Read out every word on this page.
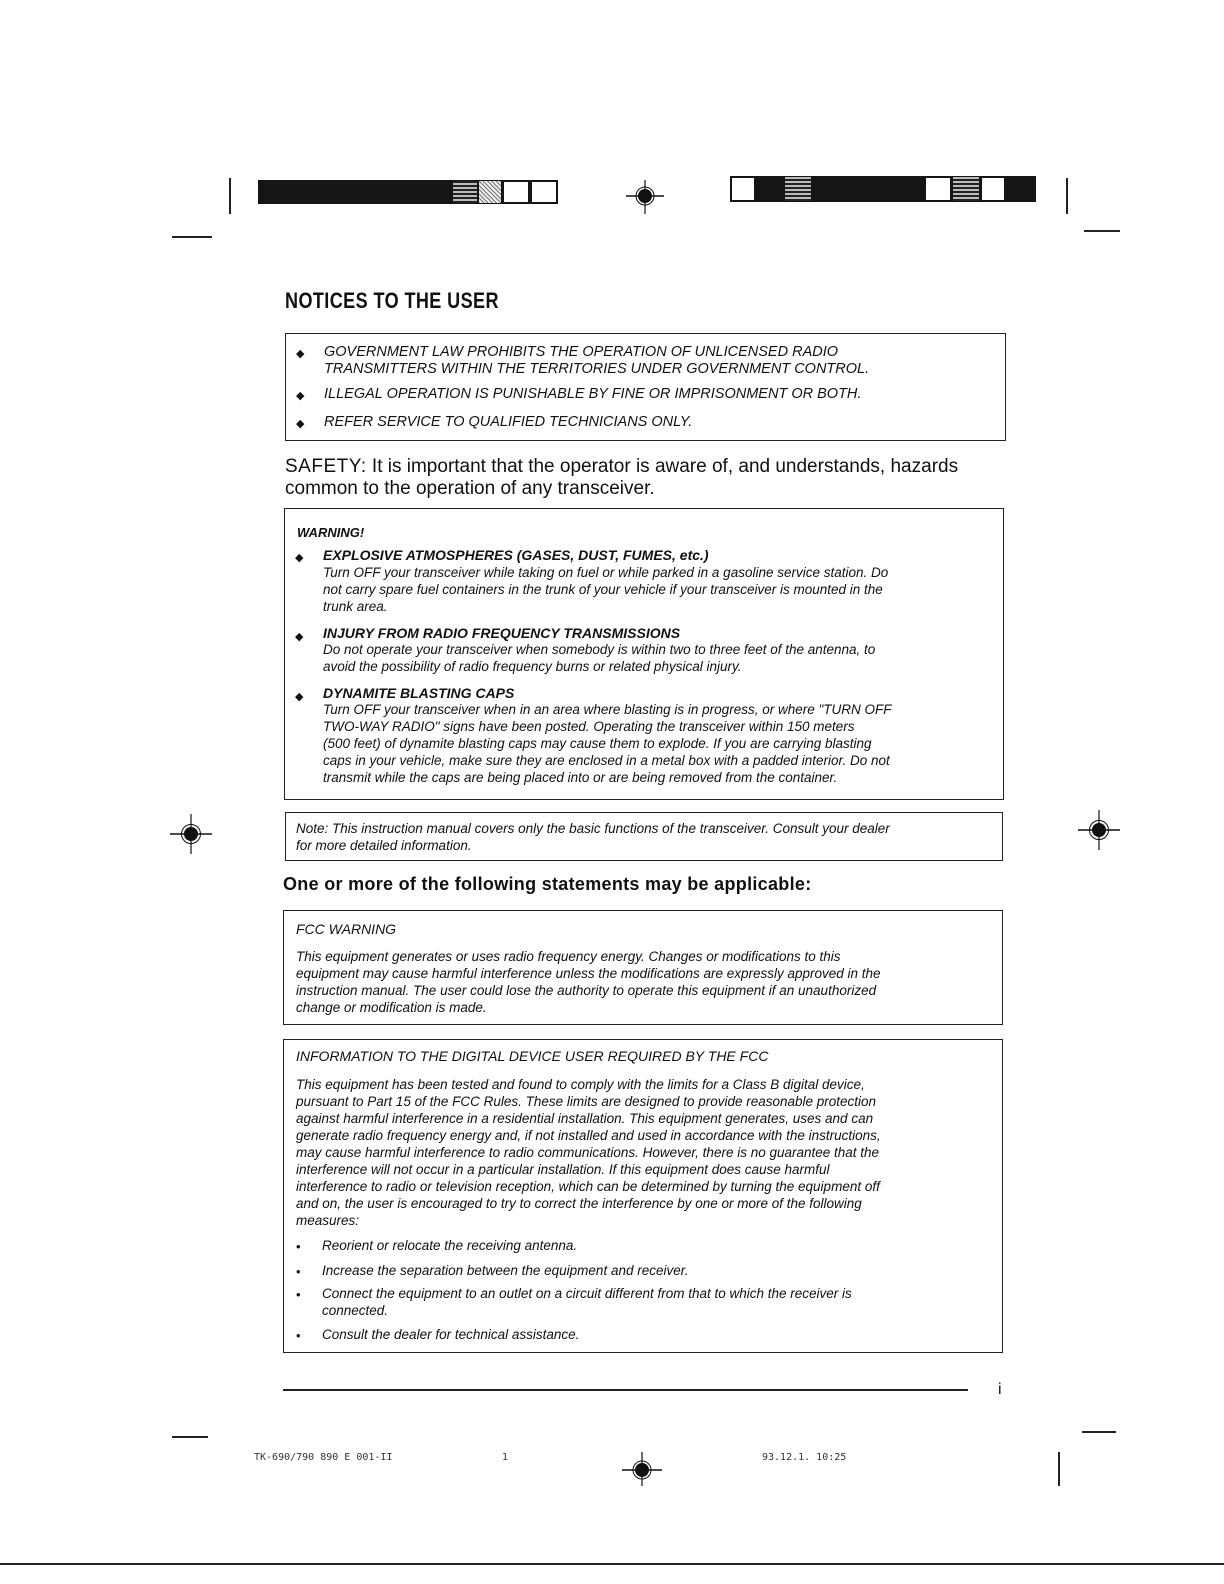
NOTICES TO THE USER
◆ GOVERNMENT LAW PROHIBITS THE OPERATION OF UNLICENSED RADIO
TRANSMITTERS WITHIN THE TERRITORIES UNDER GOVERNMENT CONTROL.
◆ ILLEGAL OPERATION IS PUNISHABLE BY FINE OR IMPRISONMENT OR BOTH.
◆ REFER SERVICE TO QUALIFIED TECHNICIANS ONLY.
SAFETY: It is important that the operator is aware of, and understands, hazards
common to the operation of any transceiver.
WARNING!
◆ EXPLOSIVE ATMOSPHERES (GASES, DUST, FUMES, etc.)
Turn OFF your transceiver while taking on fuel or while parked in a gasoline service station. Do
not carry spare fuel containers in the trunk of your vehicle if your transceiver is mounted in the
trunk area.
◆ INJURY FROM RADIO FREQUENCY TRANSMISSIONS
Do not operate your transceiver when somebody is within two to three feet of the antenna, to
avoid the possibility of radio frequency burns or related physical injury.
◆ DYNAMITE BLASTING CAPS
Turn OFF your transceiver when in an area where blasting is in progress, or where "TURN OFF
TWO-WAY RADIO" signs have been posted. Operating the transceiver within 150 meters
(500 feet) of dynamite blasting caps may cause them to explode. If you are carrying blasting
caps in your vehicle, make sure they are enclosed in a metal box with a padded interior. Do not
transmit while the caps are being placed into or are being removed from the container.
Note: This instruction manual covers only the basic functions of the transceiver. Consult your dealer
for more detailed information.
One or more of the following statements may be applicable:
FCC WARNING
This equipment generates or uses radio frequency energy. Changes or modifications to this
equipment may cause harmful interference unless the modifications are expressly approved in the
instruction manual. The user could lose the authority to operate this equipment if an unauthorized
change or modification is made.
INFORMATION TO THE DIGITAL DEVICE USER REQUIRED BY THE FCC
This equipment has been tested and found to comply with the limits for a Class B digital device,
pursuant to Part 15 of the FCC Rules. These limits are designed to provide reasonable protection
against harmful interference in a residential installation. This equipment generates, uses and can
generate radio frequency energy and, if not installed and used in accordance with the instructions,
may cause harmful interference to radio communications. However, there is no guarantee that the
interference will not occur in a particular installation. If this equipment does cause harmful
interference to radio or television reception, which can be determined by turning the equipment off
and on, the user is encouraged to try to correct the interference by one or more of the following
measures:
• Reorient or relocate the receiving antenna.
• Increase the separation between the equipment and receiver.
• Connect the equipment to an outlet on a circuit different from that to which the receiver is
connected.
• Consult the dealer for technical assistance.
i
TK-690/790 890 E 001-II	1	93.12.1. 10:25
